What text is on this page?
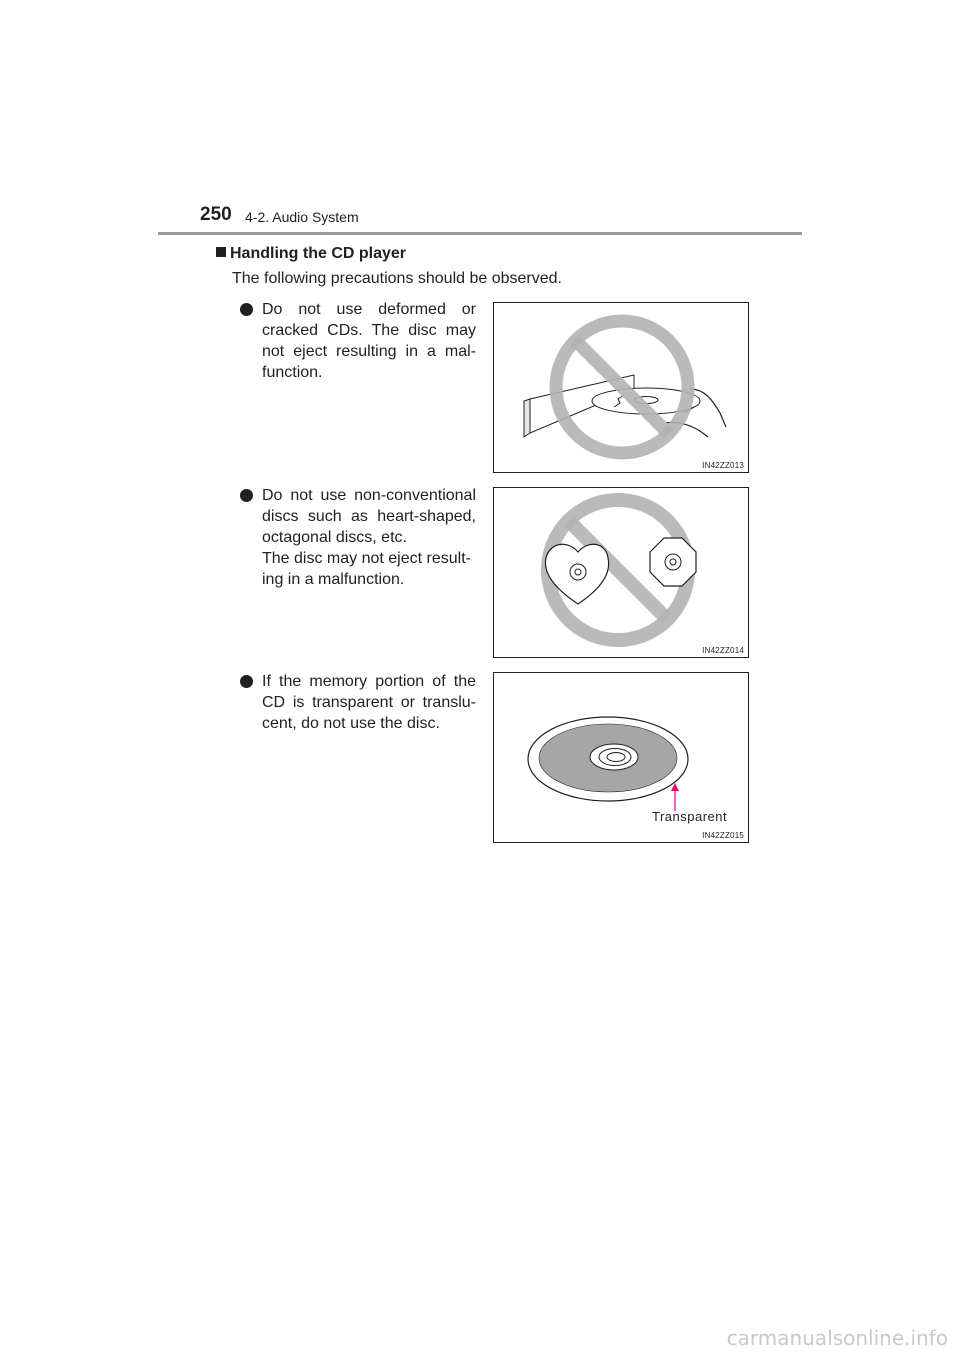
250 4-2. Audio System
Handling the CD player
The following precautions should be observed.
Do not use deformed or cracked CDs. The disc may not eject resulting in a mal-function.
Do not use non-conventional discs such as heart-shaped, octagonal discs, etc.
The disc may not eject result-ing in a malfunction.
If the memory portion of the CD is transparent or translu-cent, do not use the disc.
IN42ZZ013
IN42ZZ014
Transparent
IN42ZZ015
carmanualsonline.info
